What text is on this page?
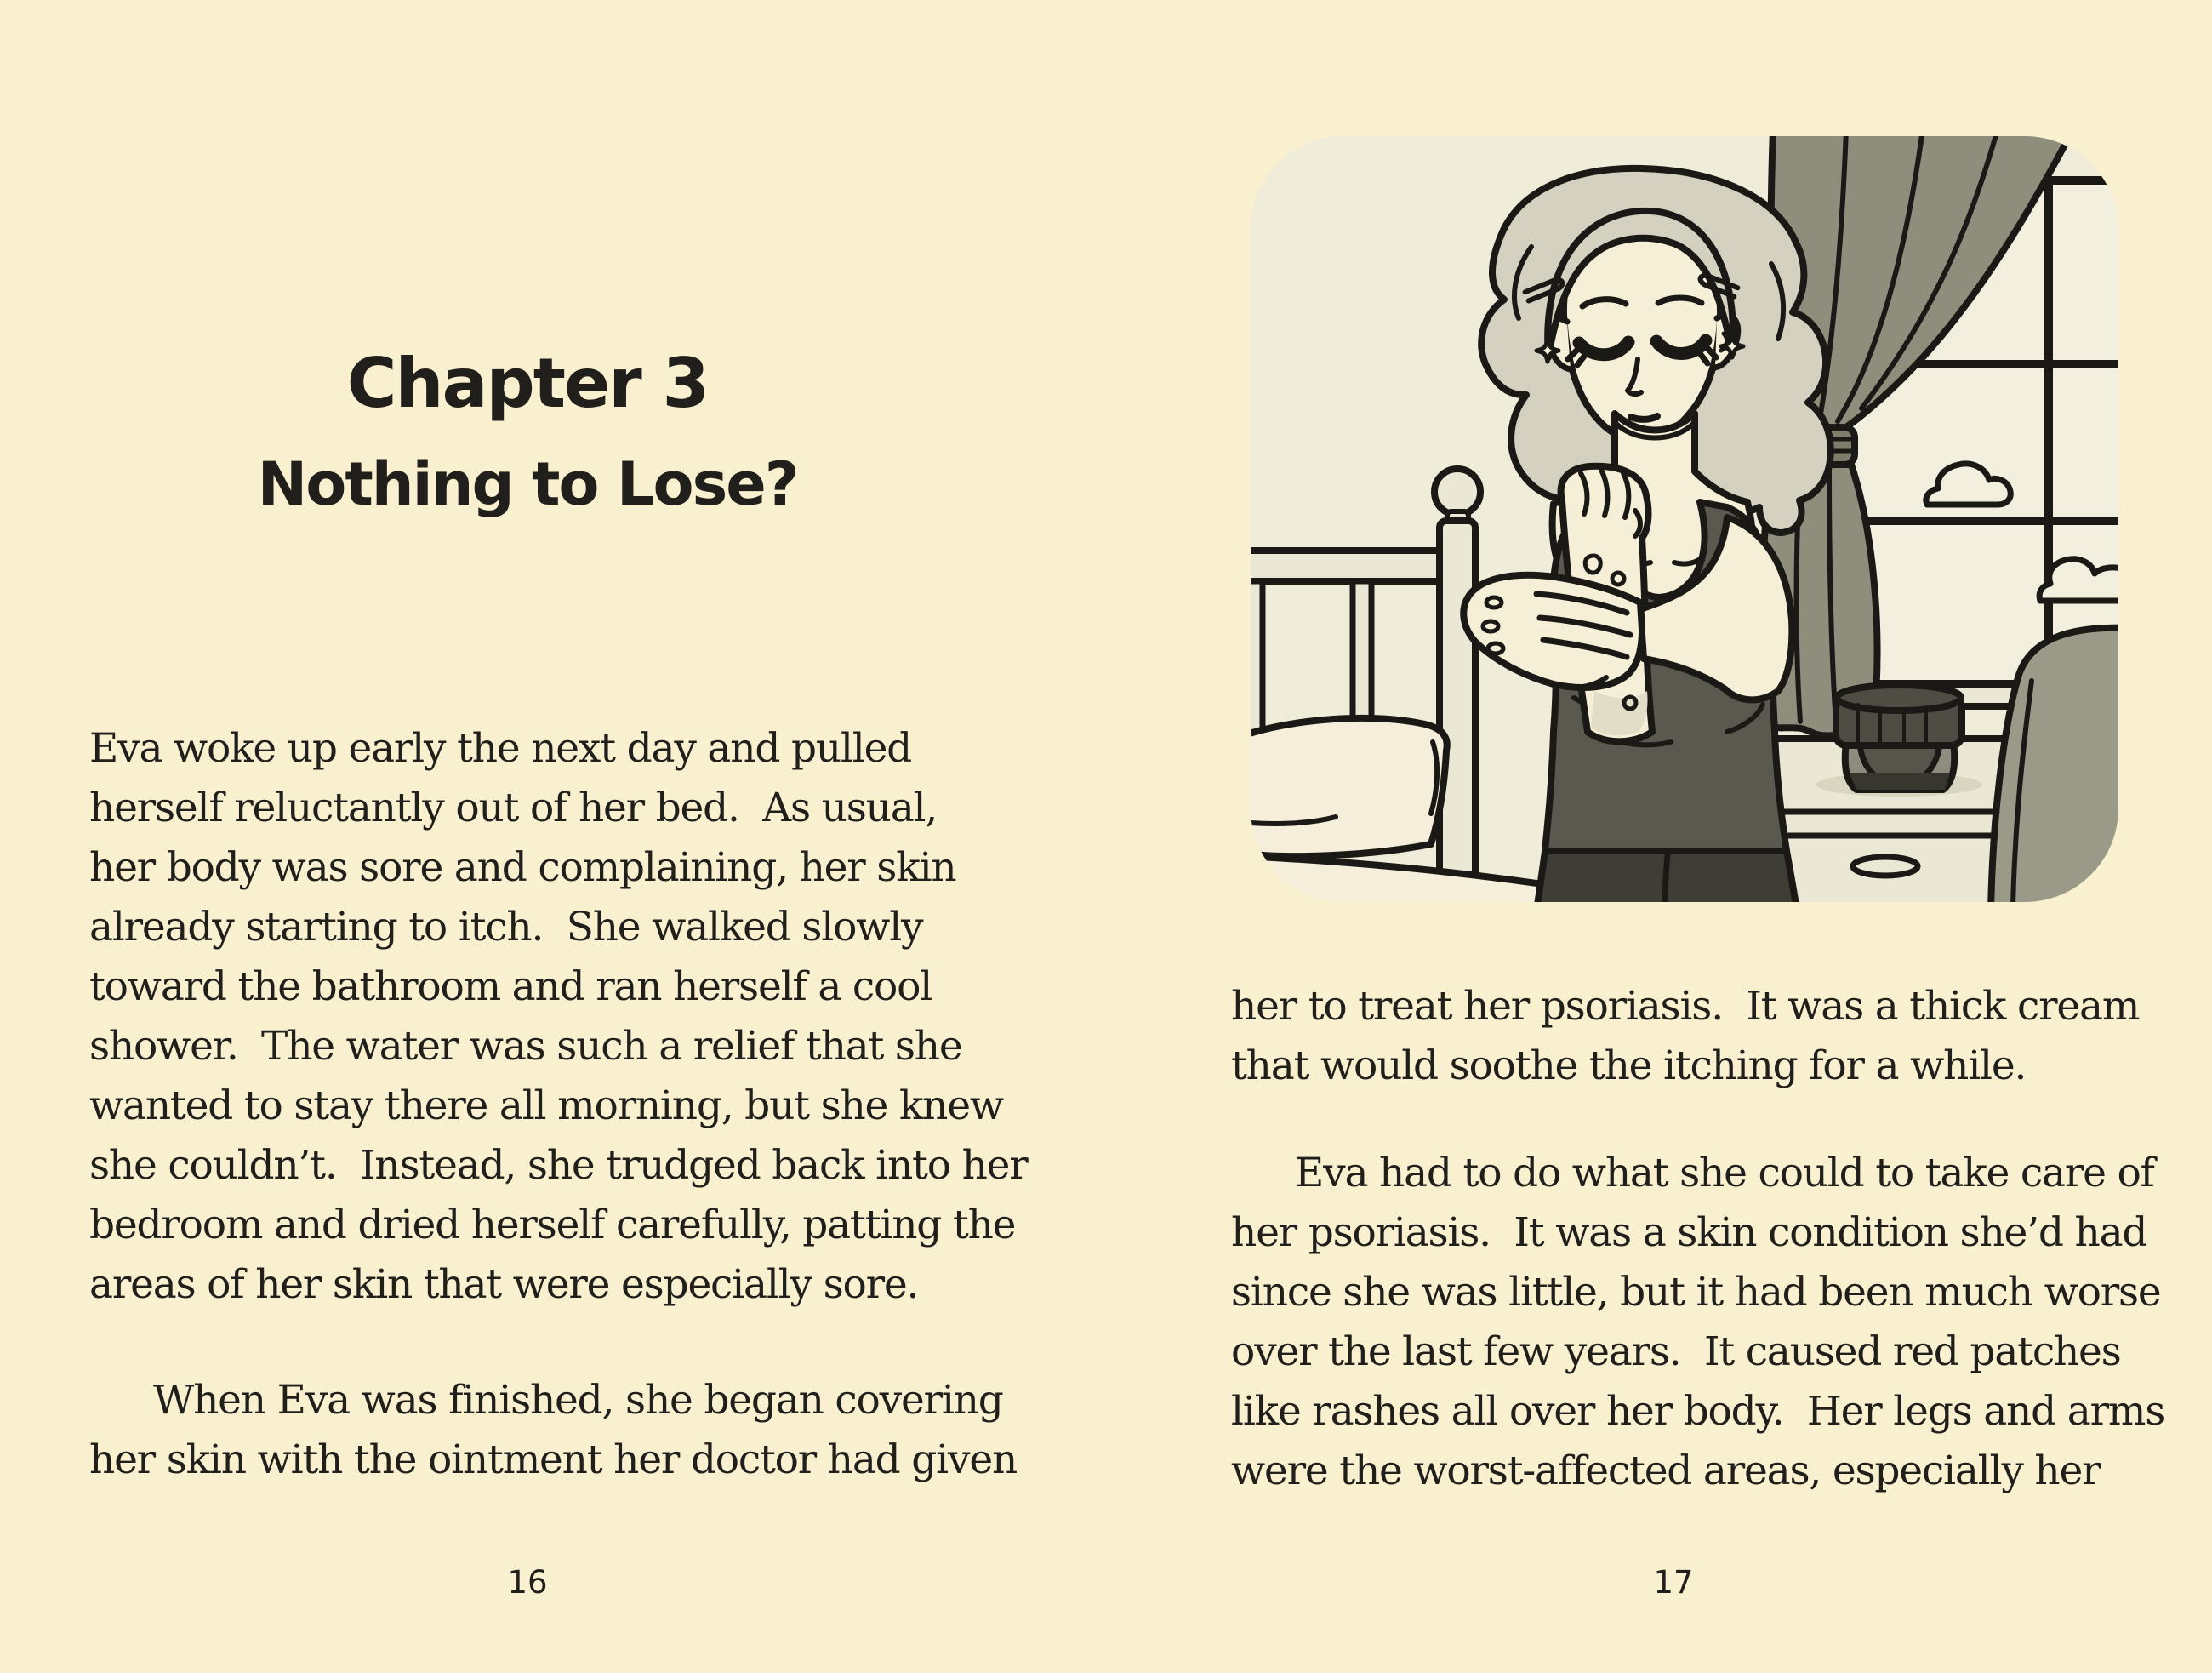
Chapter 3
Nothing to Lose?
Eva woke up early the next day and pulled
herself reluctantly out of her bed.  As usual,
her body was sore and complaining, her skin
already starting to itch.  She walked slowly
toward the bathroom and ran herself a cool
shower.  The water was such a relief that she
wanted to stay there all morning, but she knew
she couldn’t.  Instead, she trudged back into her
bedroom and dried herself carefully, patting the
areas of her skin that were especially sore.
When Eva was finished, she began covering
her skin with the ointment her doctor had given
16
her to treat her psoriasis.  It was a thick cream
that would soothe the itching for a while.
Eva had to do what she could to take care of
her psoriasis.  It was a skin condition she’d had
since she was little, but it had been much worse
over the last few years.  It caused red patches
like rashes all over her body.  Her legs and arms
were the worst-affected areas, especially her
17
